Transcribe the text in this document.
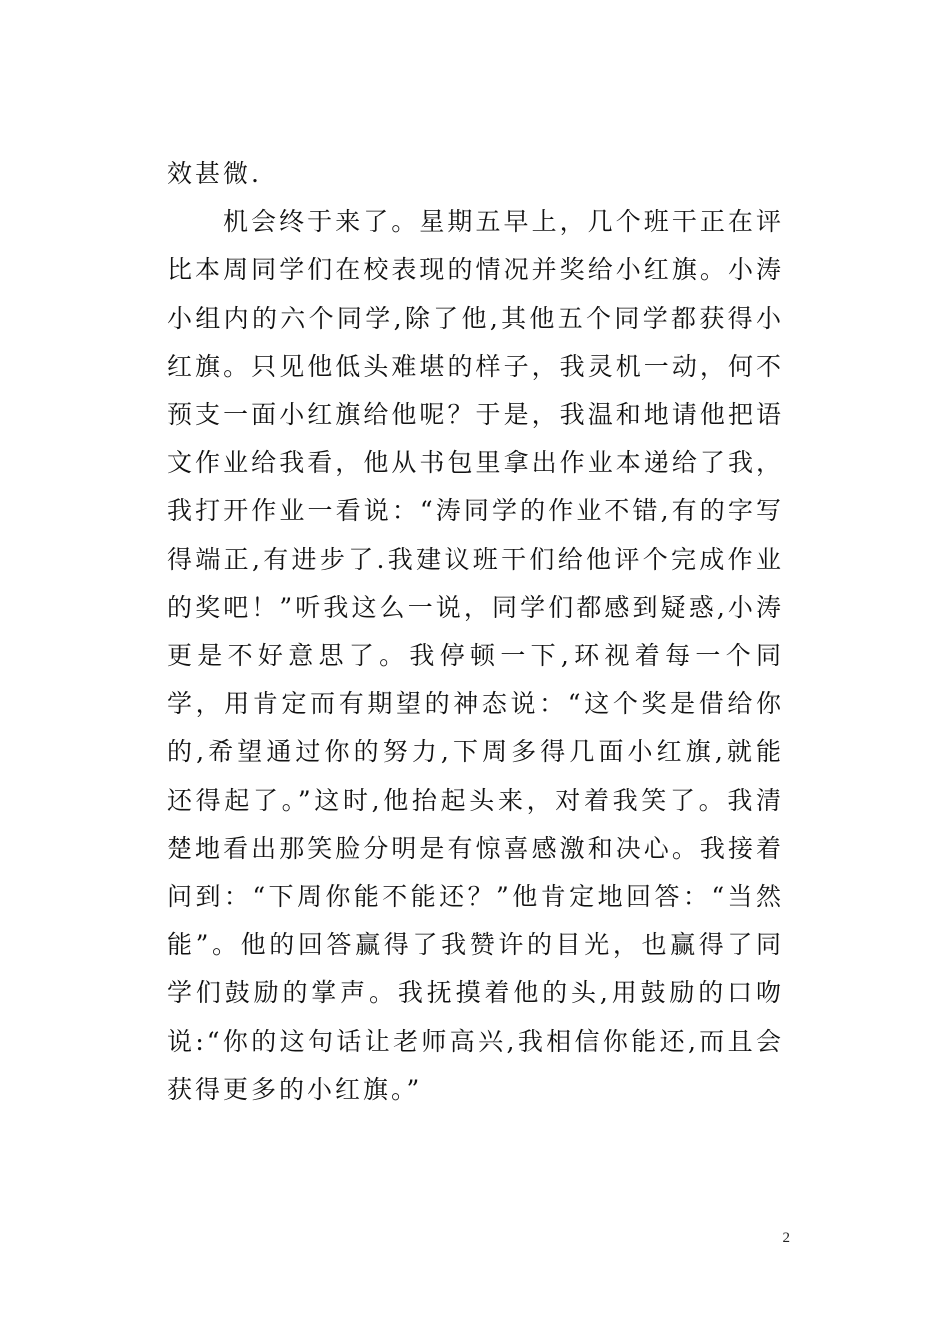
效甚微.

机会终于来了。星期五早上，几个班干正在评比本周同学们在校表现的情况并奖给小红旗。小涛小组内的六个同学,除了他,其他五个同学都获得小红旗。只见他低头难堪的样子，我灵机一动，何不预支一面小红旗给他呢？于是，我温和地请他把语文作业给我看，他从书包里拿出作业本递给了我，我打开作业一看说：“涛同学的作业不错,有的字写得端正,有进步了.我建议班干们给他评个完成作业的奖吧！”听我这么一说，同学们都感到疑惑,小涛更是不好意思了。我停顿一下,环视着每一个同学，用肯定而有期望的神态说：“这个奖是借给你的,希望通过你的努力,下周多得几面小红旗,就能还得起了。”这时,他抬起头来，对着我笑了。我清楚地看出那笑脸分明是有惊喜感激和决心。我接着问到：“下周你能不能还？”他肯定地回答：“当然能”。他的回答赢得了我赞许的目光，也赢得了同学们鼓励的掌声。我抚摸着他的头,用鼓励的口吻说:“你的这句话让老师高兴,我相信你能还,而且会获得更多的小红旗。”

2
